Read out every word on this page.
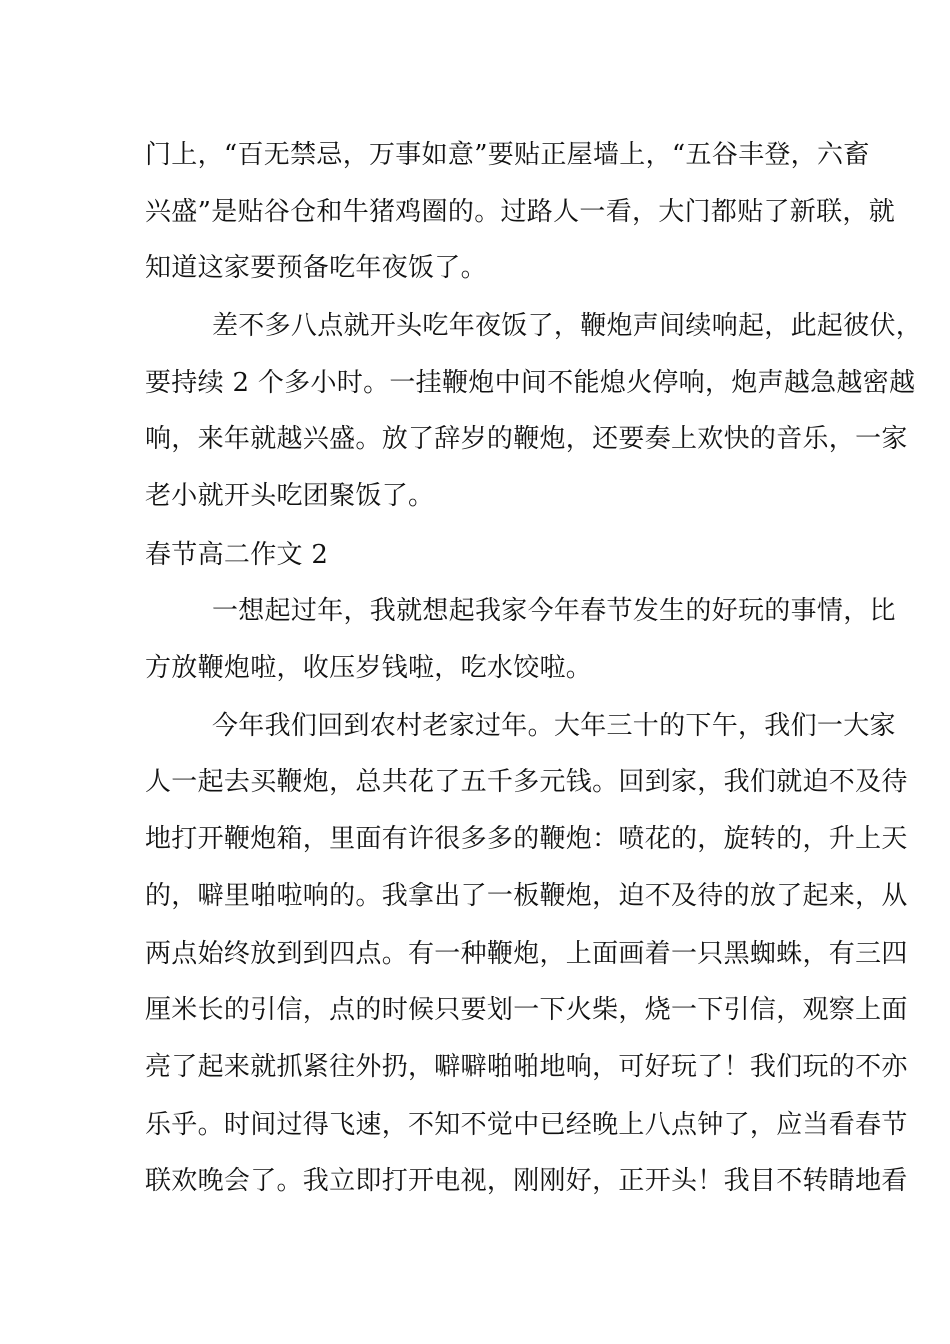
门上，“百无禁忌，万事如意”要贴正屋墙上，“五谷丰登，六畜
兴盛”是贴谷仓和牛猪鸡圈的。过路人一看，大门都贴了新联，就
知道这家要预备吃年夜饭了。
差不多八点就开头吃年夜饭了，鞭炮声间续响起，此起彼伏，
要持续 2 个多小时。一挂鞭炮中间不能熄火停响，炮声越急越密越
响，来年就越兴盛。放了辞岁的鞭炮，还要奏上欢快的音乐，一家
老小就开头吃团聚饭了。
春节高二作文 2
一想起过年，我就想起我家今年春节发生的好玩的事情，比
方放鞭炮啦，收压岁钱啦，吃水饺啦。
今年我们回到农村老家过年。大年三十的下午，我们一大家
人一起去买鞭炮，总共花了五千多元钱。回到家，我们就迫不及待
地打开鞭炮箱，里面有许很多多的鞭炮：喷花的，旋转的，升上天
的，噼里啪啦响的。我拿出了一板鞭炮，迫不及待的放了起来，从
两点始终放到到四点。有一种鞭炮，上面画着一只黑蜘蛛，有三四
厘米长的引信，点的时候只要划一下火柴，烧一下引信，观察上面
亮了起来就抓紧往外扔，噼噼啪啪地响，可好玩了！我们玩的不亦
乐乎。时间过得飞速，不知不觉中已经晚上八点钟了，应当看春节
联欢晚会了。我立即打开电视，刚刚好，正开头！我目不转睛地看
